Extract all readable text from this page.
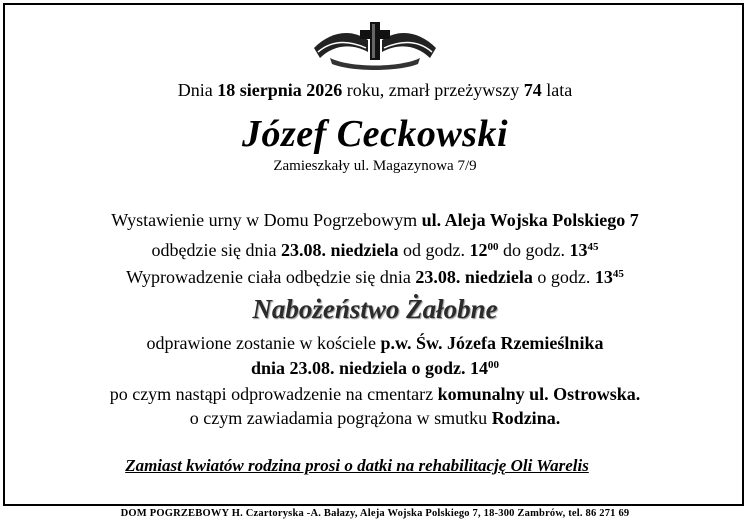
Dnia 18 sierpnia 2026 roku, zmarł przeżywszy 74 lata
Józef Ceckowski
Zamieszkały ul. Magazynowa 7/9
Wystawienie urny w Domu Pogrzebowym ul. Aleja Wojska Polskiego 7
odbędzie się dnia 23.08. niedziela od godz. $12^{00}$ do godz. $13^{45}$
Wyprowadzenie ciała odbędzie się dnia 23.08. niedziela o godz. $13^{45}$
Nabożeństwo Żałobne
odprawione zostanie w kościele p.w. Św. Józefa Rzemieślnika
dnia 23.08. niedziela o godz. $14^{00}$
po czym nastąpi odprowadzenie na cmentarz komunalny ul. Ostrowska.
o czym zawiadamia pogrążona w smutku Rodzina.
Zamiast kwiatów rodzina prosi o datki na rehabilitację Oli Warelis
DOM POGRZEBOWY H. Czartoryska -A. Bałazy, Aleja Wojska Polskiego 7, 18-300 Zambrów, tel. 86 271 69
